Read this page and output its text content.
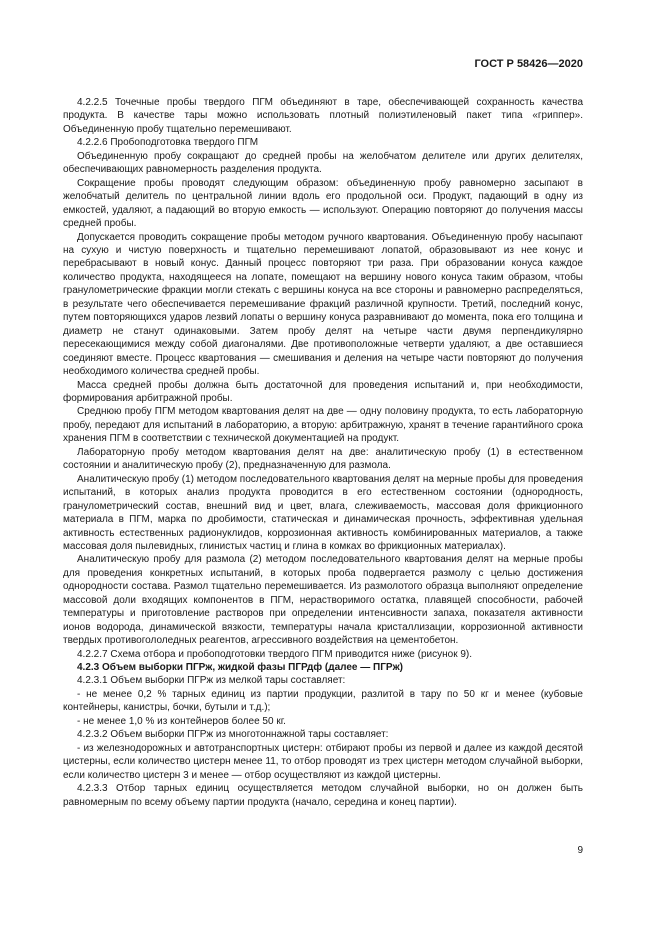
ГОСТ Р 58426—2020

4.2.2.5 Точечные пробы твердого ПГМ объединяют в таре, обеспечивающей сохранность качества продукта. В качестве тары можно использовать плотный полиэтиленовый пакет типа «гриппер». Объединенную пробу тщательно перемешивают.

4.2.2.6 Пробоподготовка твердого ПГМ

Объединенную пробу сокращают до средней пробы на желобчатом делителе или других делителях, обеспечивающих равномерность разделения продукта.

Сокращение пробы проводят следующим образом: объединенную пробу равномерно засыпают в желобчатый делитель по центральной линии вдоль его продольной оси. Продукт, падающий в одну из емкостей, удаляют, а падающий во вторую емкость — используют. Операцию повторяют до получения массы средней пробы.

Допускается проводить сокращение пробы методом ручного квартования. Объединенную пробу насыпают на сухую и чистую поверхность и тщательно перемешивают лопатой, образовывают из нее конус и перебрасывают в новый конус. Данный процесс повторяют три раза. При образовании конуса каждое количество продукта, находящееся на лопате, помещают на вершину нового конуса таким образом, чтобы гранулометрические фракции могли стекать с вершины конуса на все стороны и равномерно распределяться, в результате чего обеспечивается перемешивание фракций различной крупности. Третий, последний конус, путем повторяющихся ударов лезвий лопаты о вершину конуса разравнивают до момента, пока его толщина и диаметр не станут одинаковыми. Затем пробу делят на четыре части двумя перпендикулярно пересекающимися между собой диагоналями. Две противоположные четверти удаляют, а две оставшиеся соединяют вместе. Процесс квартования — смешивания и деления на четыре части повторяют до получения необходимого количества средней пробы.

Масса средней пробы должна быть достаточной для проведения испытаний и, при необходимости, формирования арбитражной пробы.

Среднюю пробу ПГМ методом квартования делят на две — одну половину продукта, то есть лабораторную пробу, передают для испытаний в лабораторию, а вторую: арбитражную, хранят в течение гарантийного срока хранения ПГМ в соответствии с технической документацией на продукт.

Лабораторную пробу методом квартования делят на две: аналитическую пробу (1) в естественном состоянии и аналитическую пробу (2), предназначенную для размола.

Аналитическую пробу (1) методом последовательного квартования делят на мерные пробы для проведения испытаний, в которых анализ продукта проводится в его естественном состоянии (однородность, гранулометрический состав, внешний вид и цвет, влага, слеживаемость, массовая доля фрикционного материала в ПГМ, марка по дробимости, статическая и динамическая прочность, эффективная удельная активность естественных радионуклидов, коррозионная активность комбинированных материалов, а также массовая доля пылевидных, глинистых частиц и глина в комках во фрикционных материалах).

Аналитическую пробу для размола (2) методом последовательного квартования делят на мерные пробы для проведения конкретных испытаний, в которых проба подвергается размолу с целью достижения однородности состава. Размол тщательно перемешивается. Из размолотого образца выполняют определение массовой доли входящих компонентов в ПГМ, нерастворимого остатка, плавящей способности, рабочей температуры и приготовление растворов при определении интенсивности запаха, показателя активности ионов водорода, динамической вязкости, температуры начала кристаллизации, коррозионной активности твердых противогололедных реагентов, агрессивного воздействия на цементобетон.

4.2.2.7 Схема отбора и пробоподготовки твердого ПГМ приводится ниже (рисунок 9).

4.2.3 Объем выборки ПГРж, жидкой фазы ПГРдф (далее — ПГРж)

4.2.3.1 Объем выборки ПГРж из мелкой тары составляет:

- не менее 0,2 % тарных единиц из партии продукции, разлитой в тару по 50 кг и менее (кубовые контейнеры, канистры, бочки, бутыли и т.д.);

- не менее 1,0 % из контейнеров более 50 кг.

4.2.3.2 Объем выборки ПГРж из многотоннажной тары составляет:

- из железнодорожных и автотранспортных цистерн: отбирают пробы из первой и далее из каждой десятой цистерны, если количество цистерн менее 11, то отбор проводят из трех цистерн методом случайной выборки, если количество цистерн 3 и менее — отбор осуществляют из каждой цистерны.

4.2.3.3 Отбор тарных единиц осуществляется методом случайной выборки, но он должен быть равномерным по всему объему партии продукта (начало, середина и конец партии).

9
